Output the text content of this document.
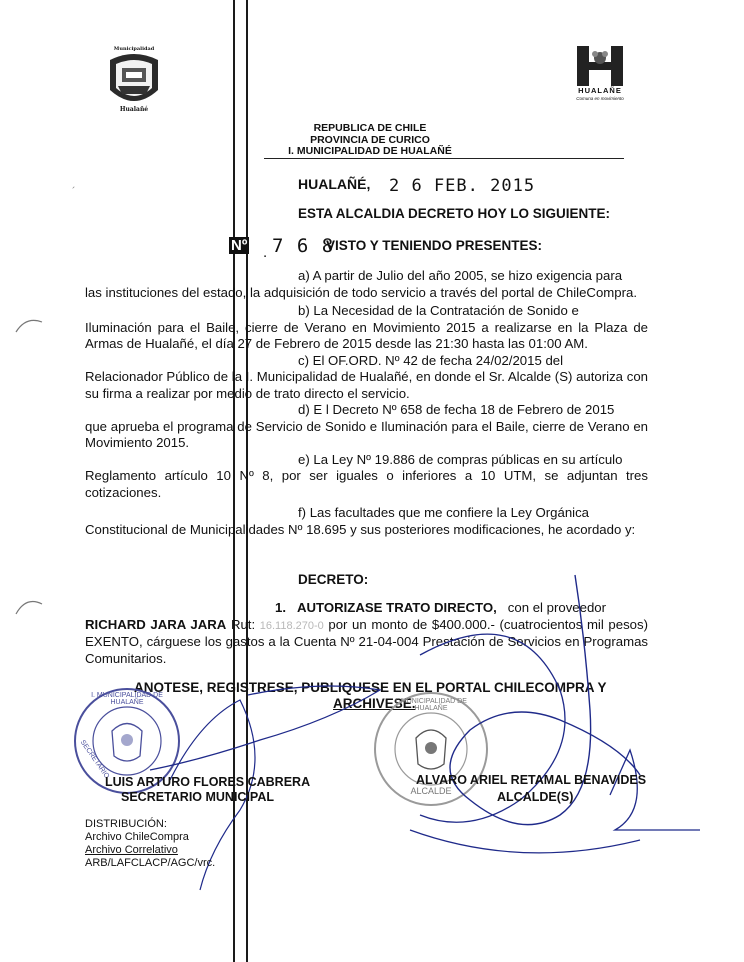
Municipalidad
Hualañé
HUALAÑE
Comuna en movimiento
REPUBLICA DE CHILE
PROVINCIA DE CURICO
I. MUNICIPALIDAD DE HUALAÑÉ
´	HUALAÑÉ, 2 6 FEB. 2015
ESTA ALCALDIA DECRETO HOY LO SIGUIENTE:
Nº . 7 6 8
VISTO Y TENIENDO PRESENTES:
a) A partir de Julio del año 2005, se hizo exigencia para
las instituciones del estado, la adquisición de todo servicio a través del portal de ChileCompra.
b) La Necesidad de la Contratación de Sonido e
Iluminación para el Baile, cierre de Verano en Movimiento 2015 a realizarse en la Plaza de Armas de Hualañé, el día 27 de Febrero de 2015 desde las 21:30 hasta las 01:00 AM.
c) El OF.ORD. Nº 42 de fecha 24/02/2015 del
Relacionador Público de la I. Municipalidad de Hualañé, en donde el Sr. Alcalde (S) autoriza con su firma a realizar por medio de trato directo el servicio.
d) E l Decreto Nº 658 de fecha 18 de Febrero de 2015
que aprueba el programa de Servicio de Sonido e Iluminación para el Baile, cierre de Verano en Movimiento 2015.
e) La Ley Nº 19.886 de compras públicas en su artículo
Reglamento artículo 10 Nº 8, por ser iguales o inferiores a 10 UTM, se adjuntan tres cotizaciones.
f) Las facultades que me confiere la Ley Orgánica
Constitucional de Municipalidades Nº 18.695 y sus posteriores modificaciones, he acordado y:
DECRETO:
1. AUTORIZASE TRATO DIRECTO, con el proveedor
RICHARD JARA JARA Rut: 16.118.270-0 por un monto de $400.000.- (cuatrocientos mil pesos) EXENTO, cárguese los gastos a la Cuenta Nº 21-04-004 Prestación de Servicios en Programas Comunitarios.
ANOTESE, REGISTRESE, PUBLIQUESE EN EL PORTAL CHILECOMPRA Y
ARCHIVESE.
I. MUNICIPALIDAD DE HUALAÑE
SECRETARIO
I. MUNICIPALIDAD DE HUALAÑE
ALCALDE
LUIS ARTURO FLORES CABRERA
SECRETARIO MUNICIPAL
ALVARO ARIEL RETAMAL BENAVIDES
ALCALDE(S)
DISTRIBUCIÓN:
Archivo ChileCompra
Archivo Correlativo
ARB/LAFCLACP/AGC/vrc.
